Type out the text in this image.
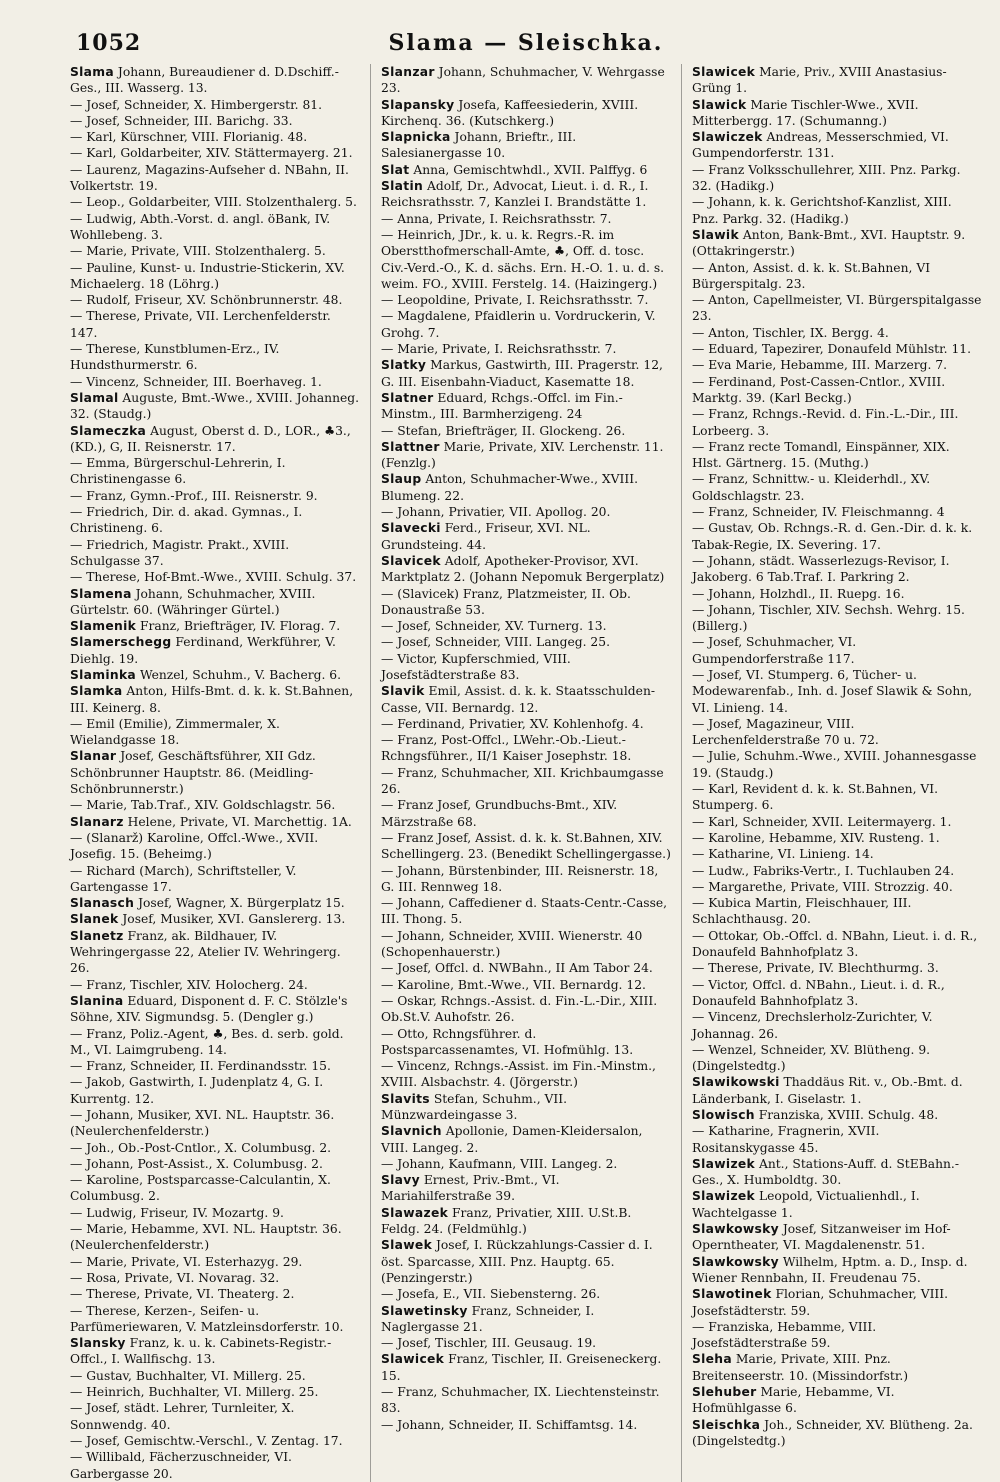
1052	Slama — Sleischka.

Slama Johann, Bureaudiener d. D.Dschiff.-Ges., III. Wasserg. 13.

— Josef, Schneider, X. Himbergerstr. 81.

— Josef, Schneider, III. Barichg. 33.

— Karl, Kürschner, VIII. Florianig. 48.

— Karl, Goldarbeiter, XIV. Stättermayerg. 21.

— Laurenz, Magazins-Aufseher d. NBahn, II. Volkertstr. 19.

— Leop., Goldarbeiter, VIII. Stolzenthalerg. 5.

— Ludwig, Abth.-Vorst. d. angl. öBank, IV. Wohllebeng. 3.

— Marie, Private, VIII. Stolzenthalerg. 5.

— Pauline, Kunst- u. Industrie-Stickerin, XV. Michaelerg. 18 (Löhrg.)

— Rudolf, Friseur, XV. Schönbrunnerstr. 48.

— Therese, Private, VII. Lerchenfelderstr. 147.

— Therese, Kunstblumen-Erz., IV. Hundsthurmerstr. 6.

— Vincenz, Schneider, III. Boerhaveg. 1.

Slamal Auguste, Bmt.-Wwe., XVIII. Johanneg. 32. (Staudg.)

Slameczka August, Oberst d. D., LOR., ♣3., (KD.), G, II. Reisnerstr. 17.

— Emma, Bürgerschul-Lehrerin, I. Christinengasse 6.

— Franz, Gymn.-Prof., III. Reisnerstr. 9.

— Friedrich, Dir. d. akad. Gymnas., I. Christineng. 6.

— Friedrich, Magistr. Prakt., XVIII. Schulgasse 37.

— Therese, Hof-Bmt.-Wwe., XVIII. Schulg. 37.

Slamena Johann, Schuhmacher, XVIII. Gürtelstr. 60. (Währinger Gürtel.)

Slamenik Franz, Briefträger, IV. Florag. 7.

Slamerschegg Ferdinand, Werkführer, V. Diehlg. 19.

Slaminka Wenzel, Schuhm., V. Bacherg. 6.

Slamka Anton, Hilfs-Bmt. d. k. k. St.Bahnen, III. Keinerg. 8.

— Emil (Emilie), Zimmermaler, X. Wielandgasse 18.

Slanar Josef, Geschäftsführer, XII Gdz. Schönbrunner Hauptstr. 86. (Meidling-Schönbrunnerstr.)

— Marie, Tab.Traf., XIV. Goldschlagstr. 56.

Slanarz Helene, Private, VI. Marchettig. 1A.

— (Slanarž) Karoline, Offcl.-Wwe., XVII. Josefig. 15. (Beheimg.)

— Richard (March), Schriftsteller, V. Gartengasse 17.

Slanasch Josef, Wagner, X. Bürgerplatz 15.

Slanek Josef, Musiker, XVI. Ganslererg. 13.

Slanetz Franz, ak. Bildhauer, IV. Wehringergasse 22, Atelier IV. Wehringerg. 26.

— Franz, Tischler, XIV. Holocherg. 24.

Slanina Eduard, Disponent d. F. C. Stölzle's Söhne, XIV. Sigmundsg. 5. (Dengler g.)

— Franz, Poliz.-Agent, ♣, Bes. d. serb. gold. M., VI. Laimgrubeng. 14.

— Franz, Schneider, II. Ferdinandsstr. 15.

— Jakob, Gastwirth, I. Judenplatz 4, G. I. Kurrentg. 12.

— Johann, Musiker, XVI. NL. Hauptstr. 36. (Neulerchenfelderstr.)

— Joh., Ob.-Post-Cntlor., X. Columbusg. 2.

— Johann, Post-Assist., X. Columbusg. 2.

— Karoline, Postsparcasse-Calculantin, X. Columbusg. 2.

— Ludwig, Friseur, IV. Mozartg. 9.

— Marie, Hebamme, XVI. NL. Hauptstr. 36. (Neulerchenfelderstr.)

— Marie, Private, VI. Esterhazyg. 29.

— Rosa, Private, VI. Novarag. 32.

— Therese, Private, VI. Theaterg. 2.

— Therese, Kerzen-, Seifen- u. Parfümeriewaren, V. Matzleinsdorferstr. 10.

Slansky Franz, k. u. k. Cabinets-Registr.-Offcl., I. Wallfischg. 13.

— Gustav, Buchhalter, VI. Millerg. 25.

— Heinrich, Buchhalter, VI. Millerg. 25.

— Josef, städt. Lehrer, Turnleiter, X. Sonnwendg. 40.

— Josef, Gemischtw.-Verschl., V. Zentag. 17.

— Willibald, Fächerzuschneider, VI. Garbergasse 20.

Slanzar Johann, Schuhmacher, V. Wehrgasse 23.

Slapansky Josefa, Kaffeesiederin, XVIII. Kirchenq. 36. (Kutschkerg.)

Slapnicka Johann, Brieftr., III. Salesianergasse 10.

Slat Anna, Gemischtwhdl., XVII. Palffyg. 6

Slatin Adolf, Dr., Advocat, Lieut. i. d. R., I. Reichsrathsstr. 7, Kanzlei I. Brandstätte 1.

— Anna, Private, I. Reichsrathsstr. 7.

— Heinrich, JDr., k. u. k. Regrs.-R. im Oberstthofmerschall-Amte, ♣, Off. d. tosc. Civ.-Verd.-O., K. d. sächs. Ern. H.-O. 1. u. d. s. weim. FO., XVIII. Ferstelg. 14. (Haizingerg.)

— Leopoldine, Private, I. Reichsrathsstr. 7.

— Magdalene, Pfaidlerin u. Vordruckerin, V. Grohg. 7.

— Marie, Private, I. Reichsrathsstr. 7.

Slatky Markus, Gastwirth, III. Pragerstr. 12, G. III. Eisenbahn-Viaduct, Kasematte 18.

Slatner Eduard, Rchgs.-Offcl. im Fin.-Minstm., III. Barmherzigeng. 24

— Stefan, Briefträger, II. Glockeng. 26.

Slattner Marie, Private, XIV. Lerchenstr. 11. (Fenzlg.)

Slaup Anton, Schuhmacher-Wwe., XVIII. Blumeng. 22.

— Johann, Privatier, VII. Apollog. 20.

Slavecki Ferd., Friseur, XVI. NL. Grundsteing. 44.

Slavicek Adolf, Apotheker-Provisor, XVI. Marktplatz 2. (Johann Nepomuk Bergerplatz)

— (Slavicek) Franz, Platzmeister, II. Ob. Donaustraße 53.

— Josef, Schneider, XV. Turnerg. 13.

— Josef, Schneider, VIII. Langeg. 25.

— Victor, Kupferschmied, VIII. Josefstädterstraße 83.

Slavik Emil, Assist. d. k. k. Staatsschulden-Casse, VII. Bernardg. 12.

— Ferdinand, Privatier, XV. Kohlenhofg. 4.

— Franz, Post-Offcl., LWehr.-Ob.-Lieut.-Rchngsführer., II/1 Kaiser Josephstr. 18.

— Franz, Schuhmacher, XII. Krichbaumgasse 26.

— Franz Josef, Grundbuchs-Bmt., XIV. Märzstraße 68.

— Franz Josef, Assist. d. k. k. St.Bahnen, XIV. Schellingerg. 23. (Benedikt Schellingergasse.)

— Johann, Bürstenbinder, III. Reisnerstr. 18, G. III. Rennweg 18.

— Johann, Caffediener d. Staats-Centr.-Casse, III. Thong. 5.

— Johann, Schneider, XVIII. Wienerstr. 40 (Schopenhauerstr.)

— Josef, Offcl. d. NWBahn., II Am Tabor 24.

— Karoline, Bmt.-Wwe., VII. Bernardg. 12.

— Oskar, Rchngs.-Assist. d. Fin.-L.-Dir., XIII. Ob.St.V. Auhofstr. 26.

— Otto, Rchngsführer. d. Postsparcassenamtes, VI. Hofmühlg. 13.

— Vincenz, Rchngs.-Assist. im Fin.-Minstm., XVIII. Alsbachstr. 4. (Jörgerstr.)

Slavits Stefan, Schuhm., VII. Münzwardeingasse 3.

Slavnich Apollonie, Damen-Kleidersalon, VIII. Langeg. 2.

— Johann, Kaufmann, VIII. Langeg. 2.

Slavy Ernest, Priv.-Bmt., VI. Mariahilferstraße 39.

Slawazek Franz, Privatier, XIII. U.St.B. Feldg. 24. (Feldmühlg.)

Slawek Josef, I. Rückzahlungs-Cassier d. I. öst. Sparcasse, XIII. Pnz. Hauptg. 65. (Penzingerstr.)

— Josefa, E., VII. Siebensterng. 26.

Slawetinsky Franz, Schneider, I. Naglergasse 21.

— Josef, Tischler, III. Geusaug. 19.

Slawicek Franz, Tischler, II. Greiseneckerg. 15.

— Franz, Schuhmacher, IX. Liechtensteinstr. 83.

— Johann, Schneider, II. Schiffamtsg. 14.

Slawicek Marie, Priv., XVIII Anastasius-Grüng 1.

Slawick Marie Tischler-Wwe., XVII. Mitterbergg. 17. (Schumanng.)

Slawiczek Andreas, Messerschmied, VI. Gumpendorferstr. 131.

— Franz Volksschullehrer, XIII. Pnz. Parkg. 32. (Hadikg.)

— Johann, k. k. Gerichtshof-Kanzlist, XIII. Pnz. Parkg. 32. (Hadikg.)

Slawik Anton, Bank-Bmt., XVI. Hauptstr. 9. (Ottakringerstr.)

— Anton, Assist. d. k. k. St.Bahnen, VI Bürgerspitalg. 23.

— Anton, Capellmeister, VI. Bürgerspitalgasse 23.

— Anton, Tischler, IX. Bergg. 4.

— Eduard, Tapezirer, Donaufeld Mühlstr. 11.

— Eva Marie, Hebamme, III. Marzerg. 7.

— Ferdinand, Post-Cassen-Cntlor., XVIII. Marktg. 39. (Karl Beckg.)

— Franz, Rchngs.-Revid. d. Fin.-L.-Dir., III. Lorbeerg. 3.

— Franz recte Tomandl, Einspänner, XIX. Hlst. Gärtnerg. 15. (Muthg.)

— Franz, Schnittw.- u. Kleiderhdl., XV. Goldschlagstr. 23.

— Franz, Schneider, IV. Fleischmanng. 4

— Gustav, Ob. Rchngs.-R. d. Gen.-Dir. d. k. k. Tabak-Regie, IX. Severing. 17.

— Johann, städt. Wasserlezugs-Revisor, I. Jakoberg. 6 Tab.Traf. I. Parkring 2.

— Johann, Holzhdl., II. Ruepg. 16.

— Johann, Tischler, XIV. Sechsh. Wehrg. 15. (Billerg.)

— Josef, Schuhmacher, VI. Gumpendorferstraße 117.

— Josef, VI. Stumperg. 6, Tücher- u. Modewarenfab., Inh. d. Josef Slawik & Sohn, VI. Linieng. 14.

— Josef, Magazineur, VIII. Lerchenfelderstraße 70 u. 72.

— Julie, Schuhm.-Wwe., XVIII. Johannesgasse 19. (Staudg.)

— Karl, Revident d. k. k. St.Bahnen, VI. Stumperg. 6.

— Karl, Schneider, XVII. Leitermayerg. 1.

— Karoline, Hebamme, XIV. Rusteng. 1.

— Katharine, VI. Linieng. 14.

— Ludw., Fabriks-Vertr., I. Tuchlauben 24.

— Margarethe, Private, VIII. Strozzig. 40.

— Kubica Martin, Fleischhauer, III. Schlachthausg. 20.

— Ottokar, Ob.-Offcl. d. NBahn, Lieut. i. d. R., Donaufeld Bahnhofplatz 3.

— Therese, Private, IV. Blechthurmg. 3.

— Victor, Offcl. d. NBahn., Lieut. i. d. R., Donaufeld Bahnhofplatz 3.

— Vincenz, Drechslerholz-Zurichter, V. Johannag. 26.

— Wenzel, Schneider, XV. Blütheng. 9. (Dingelstedtg.)

Slawikowski Thaddäus Rit. v., Ob.-Bmt. d. Länderbank, I. Giselastr. 1.

Slowisch Franziska, XVIII. Schulg. 48.

— Katharine, Fragnerin, XVII. Rositanskygasse 45.

Slawizek Ant., Stations-Auff. d. StEBahn.-Ges., X. Humboldtg. 30.

Slawizek Leopold, Victualienhdl., I. Wachtelgasse 1.

Slawkowsky Josef, Sitzanweiser im Hof-Operntheater, VI. Magdalenenstr. 51.

Slawkowsky Wilhelm, Hptm. a. D., Insp. d. Wiener Rennbahn, II. Freudenau 75.

Slawotinek Florian, Schuhmacher, VIII. Josefstädterstr. 59.

— Franziska, Hebamme, VIII. Josefstädterstraße 59.

Sleha Marie, Private, XIII. Pnz. Breitenseerstr. 10. (Missindorfstr.)

Slehuber Marie, Hebamme, VI. Hofmühlgasse 6.

Sleischka Joh., Schneider, XV. Blütheng. 2a. (Dingelstedtg.)
